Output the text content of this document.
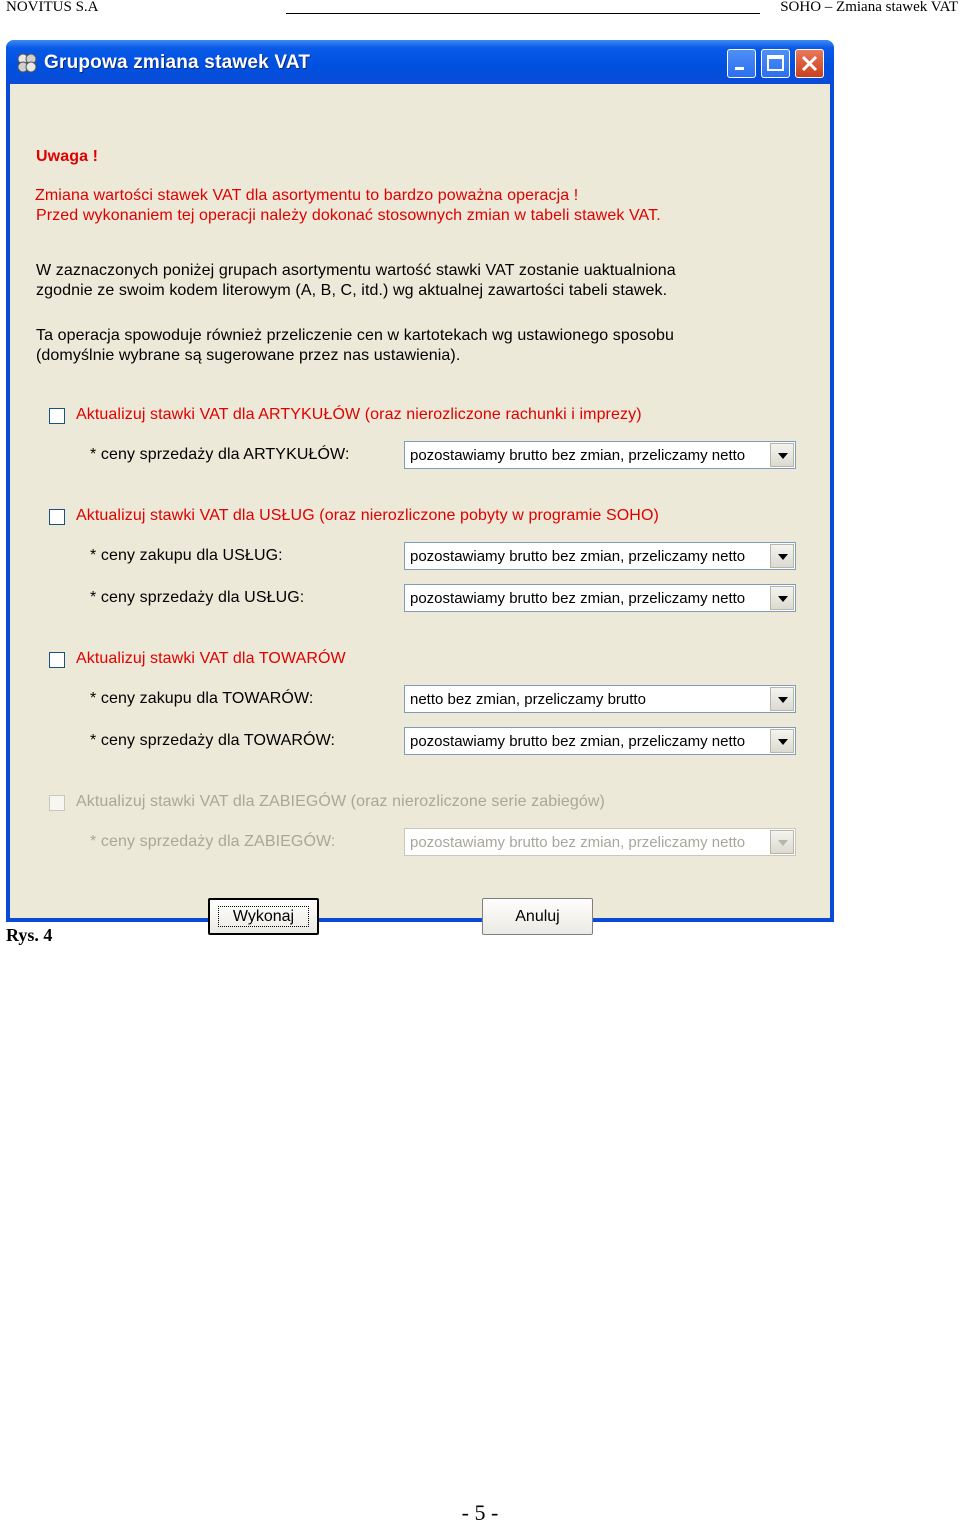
NOVITUS S.A	SOHO – Zmiana stawek VAT
Grupowa zmiana stawek VAT
Uwaga !
Zmiana wartości stawek VAT dla asortymentu to bardzo poważna operacja !
Przed wykonaniem tej operacji należy dokonać stosownych zmian w tabeli stawek VAT.
W zaznaczonych poniżej grupach asortymentu wartość stawki VAT zostanie uaktualniona
zgodnie ze swoim kodem literowym (A, B, C, itd.) wg aktualnej zawartości tabeli stawek.
Ta operacja spowoduje również przeliczenie cen w kartotekach wg ustawionego sposobu
(domyślnie wybrane są sugerowane przez nas ustawienia).
Aktualizuj stawki VAT dla ARTYKUŁÓW (oraz nierozliczone rachunki i imprezy)
* ceny sprzedaży dla ARTYKUŁÓW:	pozostawiamy brutto bez zmian, przeliczamy netto
Aktualizuj stawki VAT dla USŁUG (oraz nierozliczone pobyty w programie SOHO)
* ceny zakupu dla USŁUG:	pozostawiamy brutto bez zmian, przeliczamy netto
* ceny sprzedaży dla USŁUG:	pozostawiamy brutto bez zmian, przeliczamy netto
Aktualizuj stawki VAT dla TOWARÓW
* ceny zakupu dla TOWARÓW:	netto bez zmian, przeliczamy brutto
* ceny sprzedaży dla TOWARÓW:	pozostawiamy brutto bez zmian, przeliczamy netto
Aktualizuj stawki VAT dla ZABIEGÓW (oraz nierozliczone serie zabiegów)
* ceny sprzedaży dla ZABIEGÓW:	pozostawiamy brutto bez zmian, przeliczamy netto
Wykonaj	Anuluj
Rys. 4
- 5 -
